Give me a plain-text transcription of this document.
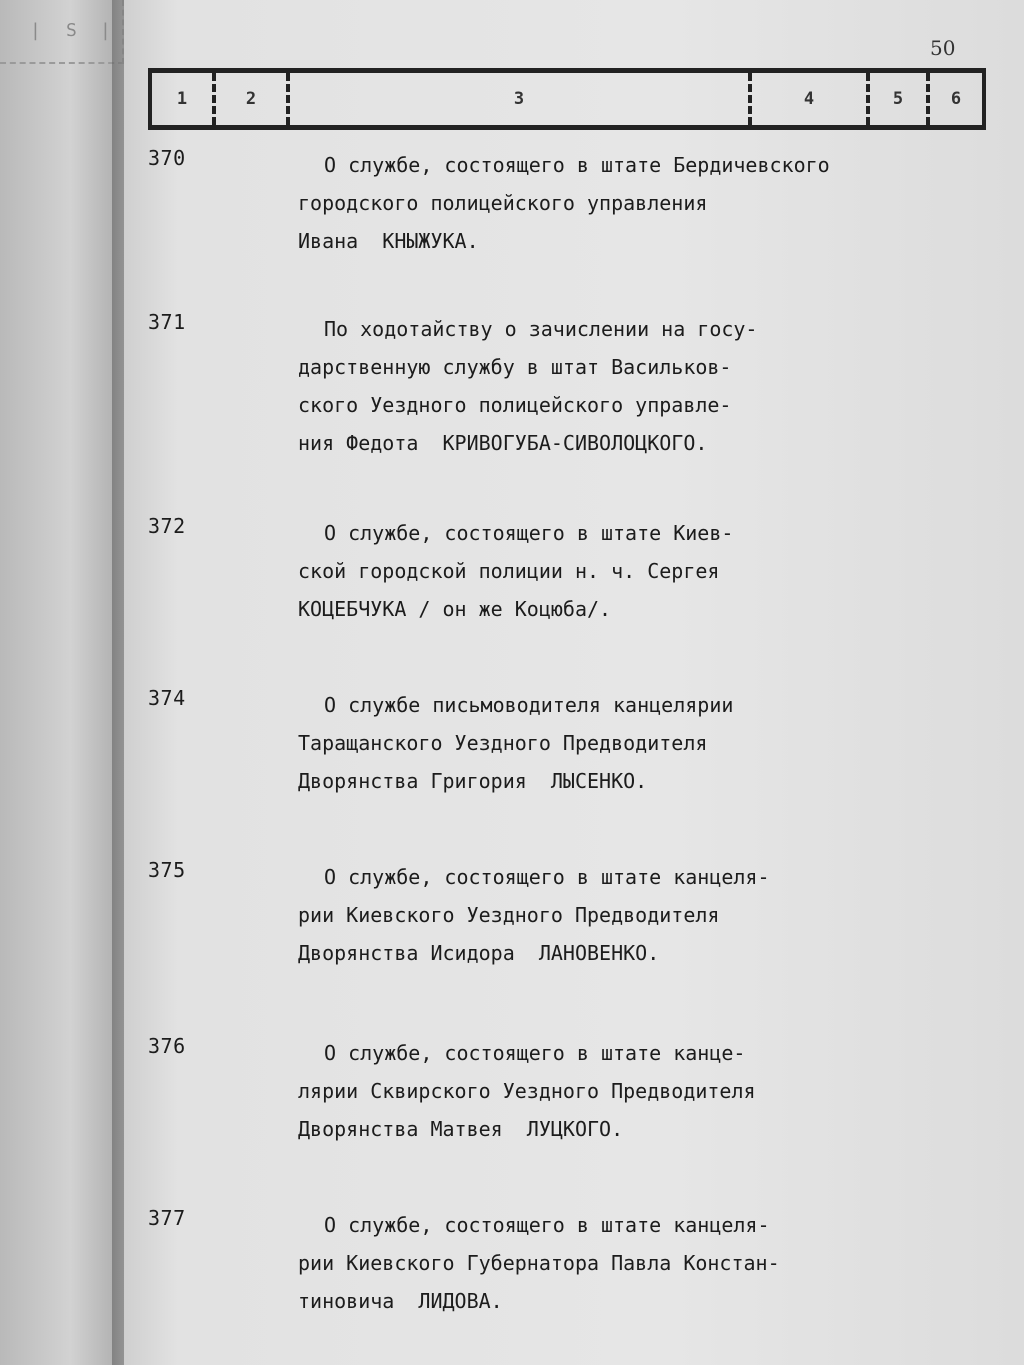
| S |
50
1	2	3	4	5	6
370	О службе, состоящего в штате Бердичевского
городского полицейского управления
Ивана  КНЫЖУКА.
371	По ходотайству о зачислении на госу-
дарственную службу в штат Васильков-
ского Уездного полицейского управле-
ния Федота  КРИВОГУБА-СИВОЛОЦКОГО.
372	О службе, состоящего в штате Киев-
ской городской полиции н. ч. Сергея
КОЦЕБЧУКА / он же Коцюба/.
374	О службе письмоводителя канцелярии
Таращанского Уездного Предводителя
Дворянства Григория  ЛЫСЕНКО.
375	О службе, состоящего в штате канцеля-
рии Киевского Уездного Предводителя
Дворянства Исидора  ЛАНОВЕНКО.
376	О службе, состоящего в штате канце-
лярии Сквирского Уездного Предводителя
Дворянства Матвея  ЛУЦКОГО.
377	О службе, состоящего в штате канцеля-
рии Киевского Губернатора Павла Констан-
тиновича  ЛИДОВА.
